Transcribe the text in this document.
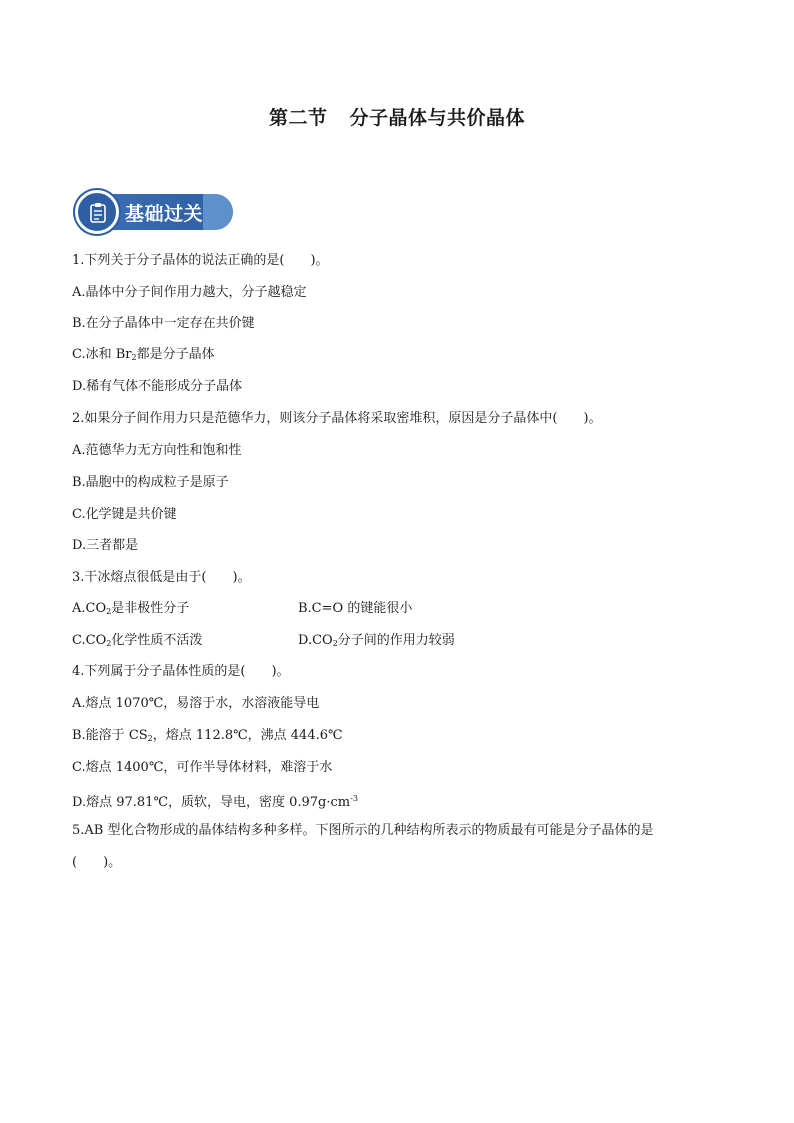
第二节 分子晶体与共价晶体
基础过关
1.下列关于分子晶体的说法正确的是(　　)。
A.晶体中分子间作用力越大，分子越稳定
B.在分子晶体中一定存在共价键
C.冰和 $Br_2$都是分子晶体
D.稀有气体不能形成分子晶体
2.如果分子间作用力只是范德华力，则该分子晶体将采取密堆积，原因是分子晶体中(　　)。
A.范德华力无方向性和饱和性
B.晶胞中的构成粒子是原子
C.化学键是共价键
D.三者都是
3.干冰熔点很低是由于(　　)。
$A.CO_2$是非极性分子	B.C=O 的键能很小
$C.CO_2$化学性质不活泼	$D.CO_2$分子间的作用力较弱
4.下列属于分子晶体性质的是(　　)。
A.熔点 1070℃，易溶于水，水溶液能导电
B.能溶于 $CS_2$，熔点 112.8℃，沸点 444.6℃
C.熔点 1400℃，可作半导体材料，难溶于水
D.熔点 97.81℃，质软，导电，密度 $0.97g\cdot cm^{-3}$
5.AB 型化合物形成的晶体结构多种多样。下图所示的几种结构所表示的物质最有可能是分子晶体的是
(　　)。
